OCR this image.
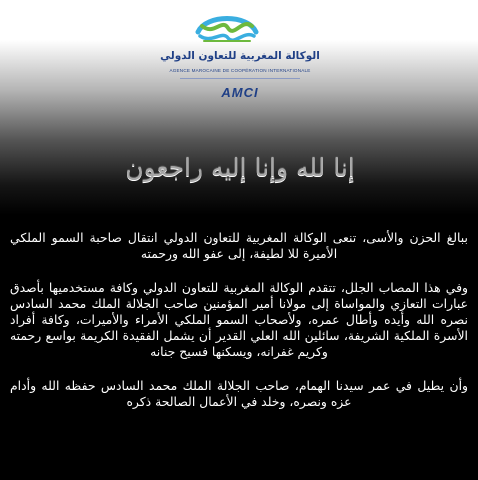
الوكالة المغربية للتعاون الدولي
AGENCE MAROCAINE DE COOPÉRATION INTERNATIONALE
AMCI
إنا لله وإنا إليه راجعون

ببالغ الحزن والأسى، تنعى الوكالة المغربية للتعاون الدولي انتقال صاحبة السمو الملكي الأميرة للا لطيفة، إلى عفو الله ورحمته

وفي هذا المصاب الجلل، تتقدم الوكالة المغربية للتعاون الدولي وكافة مستخدميها بأصدق عبارات التعازي والمواساة إلى مولانا أمير المؤمنين صاحب الجلالة الملك محمد السادس نصره الله وأيده وأطال عمره، ولأصحاب السمو الملكي الأمراء والأميرات، وكافة أفراد الأسرة الملكية الشريفة، سائلين الله العلي القدير أن يشمل الفقيدة الكريمة بواسع رحمته وكريم غفرانه، ويسكنها فسيح جنانه

وأن يطيل في عمر سيدنا الهمام، صاحب الجلالة الملك محمد السادس حفظه الله وأدام عزه ونصره، وخلد في الأعمال الصالحة ذكره
